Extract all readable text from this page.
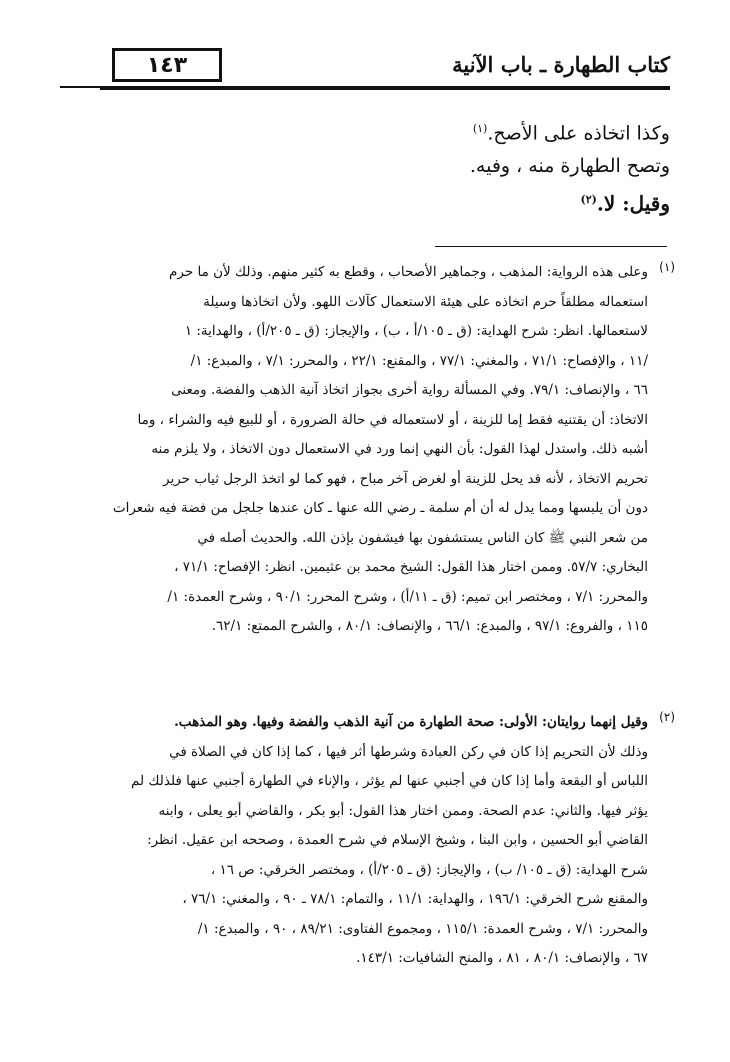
١٤٣	كتاب الطهارة ـ باب الآنية
وكذا اتخاذه على الأصح.$^{(١)}$
وتصح الطهارة منه ، وفيه.
وقيل: لا.$^{(٢)}$
(١)
وعلى هذه الرواية: المذهب ، وجماهير الأصحاب ، وقطع به كثير منهم. وذلك لأن ما حرم
استعماله مطلقاً حرم اتخاذه على هيئة الاستعمال كآلات اللهو. ولأن اتخاذها وسيلة
لاستعمالها. انظر: شرح الهداية: (ق ـ ١٠٥/أ ، ب) ، والإيجاز: (ق ـ ٢٠٥/أ) ، والهداية: ١
/١١ ، والإفصاح: ٧١/١ ، والمغني: ٧٧/١ ، والمقنع: ٢٢/١ ، والمحرر: ٧/١ ، والمبدع: ١/
٦٦ ، والإنصاف: ٧٩/١. وفي المسألة رواية أخرى بجواز اتخاذ آنية الذهب والفضة. ومعنى
الاتخاذ: أن يقتنيه فقط إما للزينة ، أو لاستعماله في حالة الضرورة ، أو للبيع فيه والشراء ، وما
أشبه ذلك. واستدل لهذا القول: بأن النهي إنما ورد في الاستعمال دون الاتخاذ ، ولا يلزم منه
تحريم الاتخاذ ، لأنه قد يحل للزينة أو لغرض آخر مباح ، فهو كما لو اتخذ الرجل ثياب حرير
دون أن يلبسها ومما يدل له أن أم سلمة ـ رضي الله عنها ـ كان عندها جلجل من فضة فيه شعرات
من شعر النبي ﷺ كان الناس يستشفون بها فيشفون بإذن الله. والحديث أصله في
البخاري: ٥٧/٧. وممن اختار هذا القول: الشيخ محمد بن عثيمين. انظر: الإفصاح: ٧١/١ ،
والمحرر: ٧/١ ، ومختصر ابن تميم: (ق ـ ١١/أ) ، وشرح المحرر: ٩٠/١ ، وشرح العمدة: ١/
١١٥ ، والفروع: ٩٧/١ ، والمبدع: ٦٦/١ ، والإنصاف: ٨٠/١ ، والشرح الممتع: ٦٢/١.
(٢)
وقيل إنهما روايتان: الأولى: صحة الطهارة من آنية الذهب والفضة وفيها. وهو المذهب.
وذلك لأن التحريم إذا كان في ركن العبادة وشرطها أثر فيها ، كما إذا كان في الصلاة في
اللباس أو البقعة وأما إذا كان في أجنبي عنها لم يؤثر ، والإناء في الطهارة أجنبي عنها فلذلك لم
يؤثر فيها. والثاني: عدم الصحة. وممن اختار هذا القول: أبو بكر ، والقاضي أبو يعلى ، وابنه
القاضي أبو الحسين ، وابن البنا ، وشيخ الإسلام في شرح العمدة ، وصححه ابن عقيل. انظر:
شرح الهداية: (ق ـ ١٠٥/ ب) ، والإيجاز: (ق ـ ٢٠٥/أ) ، ومختصر الخرقي: ص ١٦ ،
والمقنع شرح الخرقي: ١٩٦/١ ، والهداية: ١١/١ ، والتمام: ٧٨/١ ـ ٩٠ ، والمغني: ٧٦/١ ،
والمحرر: ٧/١ ، وشرح العمدة: ١١٥/١ ، ومجموع الفتاوى: ٨٩/٢١ ، ٩٠ ، والمبدع: ١/
٦٧ ، والإنصاف: ٨٠/١ ، ٨١ ، والمنح الشافيات: ١٤٣/١.
